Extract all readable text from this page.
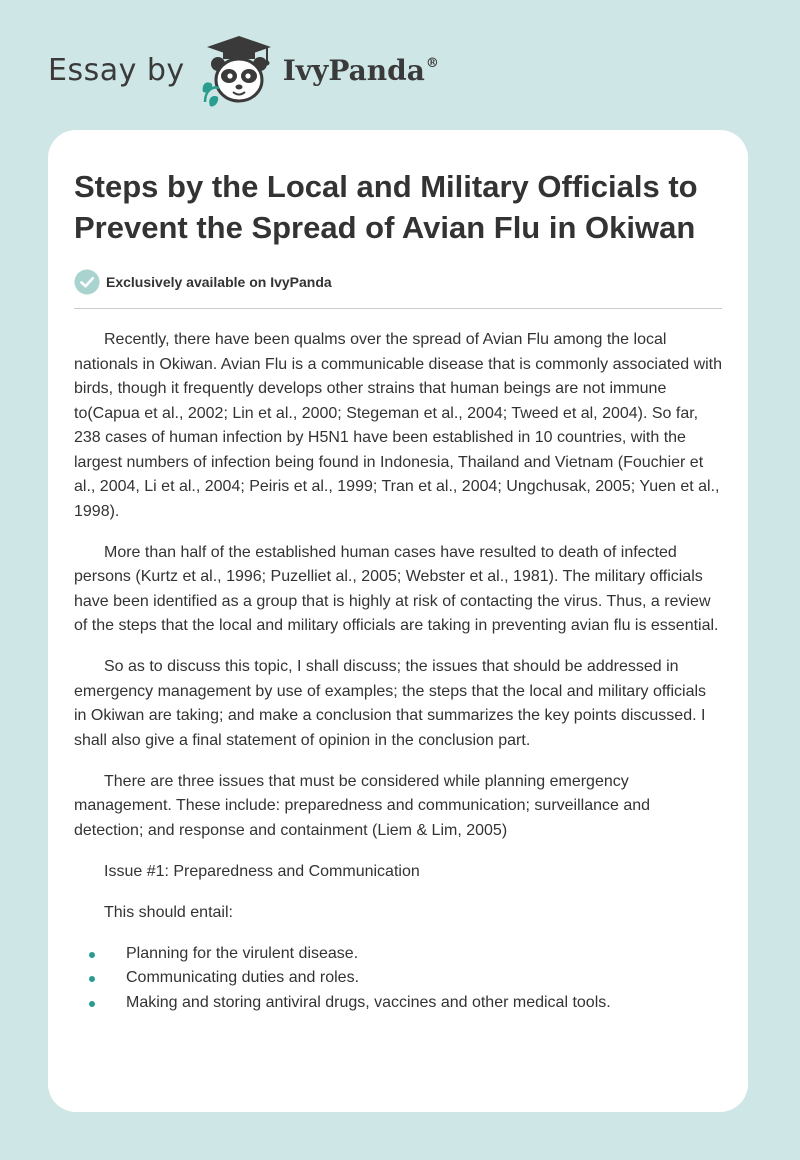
Essay by	IvyPanda®
Steps by the Local and Military Officials to Prevent the Spread of Avian Flu in Okiwan
Exclusively available on IvyPanda

Recently, there have been qualms over the spread of Avian Flu among the local nationals in Okiwan. Avian Flu is a communicable disease that is commonly associated with birds, though it frequently develops other strains that human beings are not immune to(Capua et al., 2002; Lin et al., 2000; Stegeman et al., 2004; Tweed et al, 2004). So far, 238 cases of human infection by H5N1 have been established in 10 countries, with the largest numbers of infection being found in Indonesia, Thailand and Vietnam (Fouchier et al., 2004, Li et al., 2004; Peiris et al., 1999; Tran et al., 2004; Ungchusak, 2005; Yuen et al., 1998).

More than half of the established human cases have resulted to death of infected persons (Kurtz et al., 1996; Puzelliet al., 2005; Webster et al., 1981). The military officials have been identified as a group that is highly at risk of contacting the virus. Thus, a review of the steps that the local and military officials are taking in preventing avian flu is essential.

So as to discuss this topic, I shall discuss; the issues that should be addressed in emergency management by use of examples; the steps that the local and military officials in Okiwan are taking; and make a conclusion that summarizes the key points discussed. I shall also give a final statement of opinion in the conclusion part.

There are three issues that must be considered while planning emergency management. These include: preparedness and communication; surveillance and detection; and response and containment (Liem & Lim, 2005)

Issue #1: Preparedness and Communication

This should entail:

Planning for the virulent disease.
Communicating duties and roles.
Making and storing antiviral drugs, vaccines and other medical tools.
